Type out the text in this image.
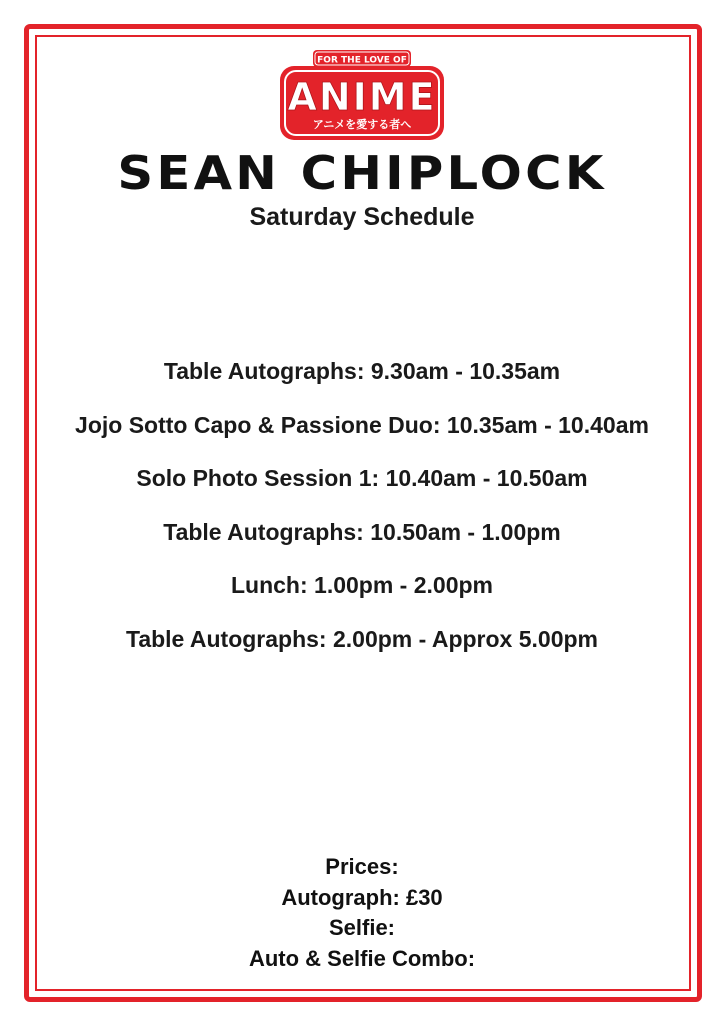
FOR THE LOVE OF
ANIME
アニメを愛する者へ
SEAN CHIPLOCK
Saturday Schedule
Table Autographs: 9.30am - 10.35am
Jojo Sotto Capo & Passione Duo: 10.35am - 10.40am
Solo Photo Session 1: 10.40am - 10.50am
Table Autographs: 10.50am - 1.00pm
Lunch: 1.00pm - 2.00pm
Table Autographs: 2.00pm - Approx 5.00pm
Prices:
Autograph: £30
Selfie:
Auto & Selfie Combo:
